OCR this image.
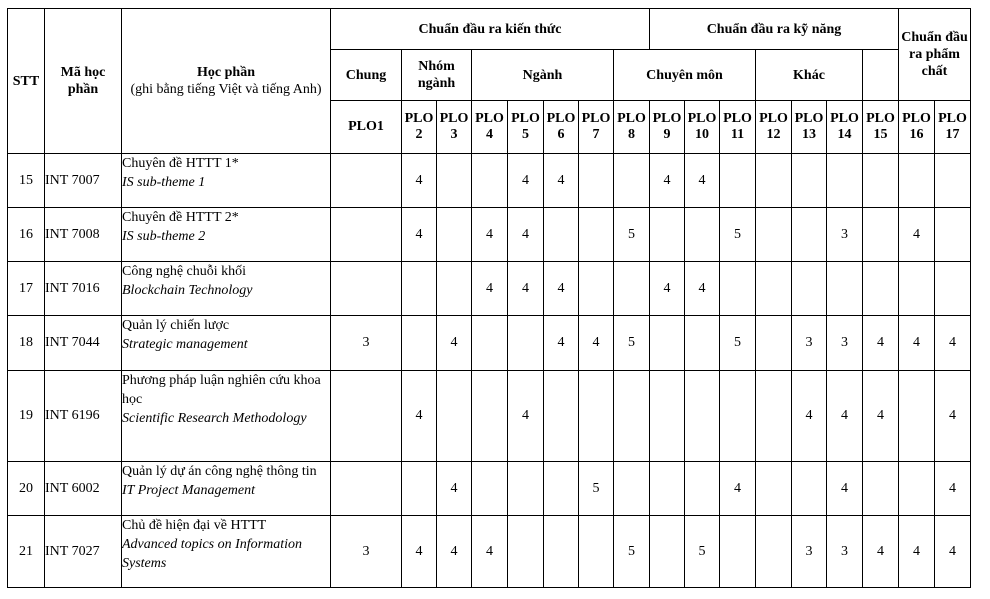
STT	Mã học phần	Học phần
(ghi bằng tiếng Việt và tiếng Anh)	Chuẩn đầu ra kiến thức								Chuẩn đầu ra kỹ năng							Chuẩn đầu ra phẩm chất	
			Chung	Nhóm ngành		Ngành				Chuyên môn				Khác					
			PLO1	PLO 2	PLO 3	PLO 4	PLO 5	PLO 6	PLO 7	PLO 8	PLO 9	PLO 10	PLO 11	PLO 12	PLO 13	PLO 14	PLO 15	PLO 16	PLO 17
15	INT 7007	Chuyên đề HTTT 1*
IS sub-theme 1		4			4	4			4	4							
16	INT 7008	Chuyên đề HTTT 2*
IS sub-theme 2		4		4	4			5			5			3		4	
17	INT 7016	Công nghệ chuỗi khối
Blockchain Technology				4	4	4			4	4							
18	INT 7044	Quản lý chiến lược
Strategic management	3		4			4	4	5			5		3	3	4	4	4
19	INT 6196	Phương pháp luận nghiên cứu khoa học
Scientific Research Methodology		4			4								4	4	4		4
20	INT 6002	Quản lý dự án công nghệ thông tin
IT Project Management			4				5				4			4			4
21	INT 7027	Chủ đề hiện đại về HTTT
Advanced topics on Information Systems	3	4	4	4				5		5			3	3	4	4	4
